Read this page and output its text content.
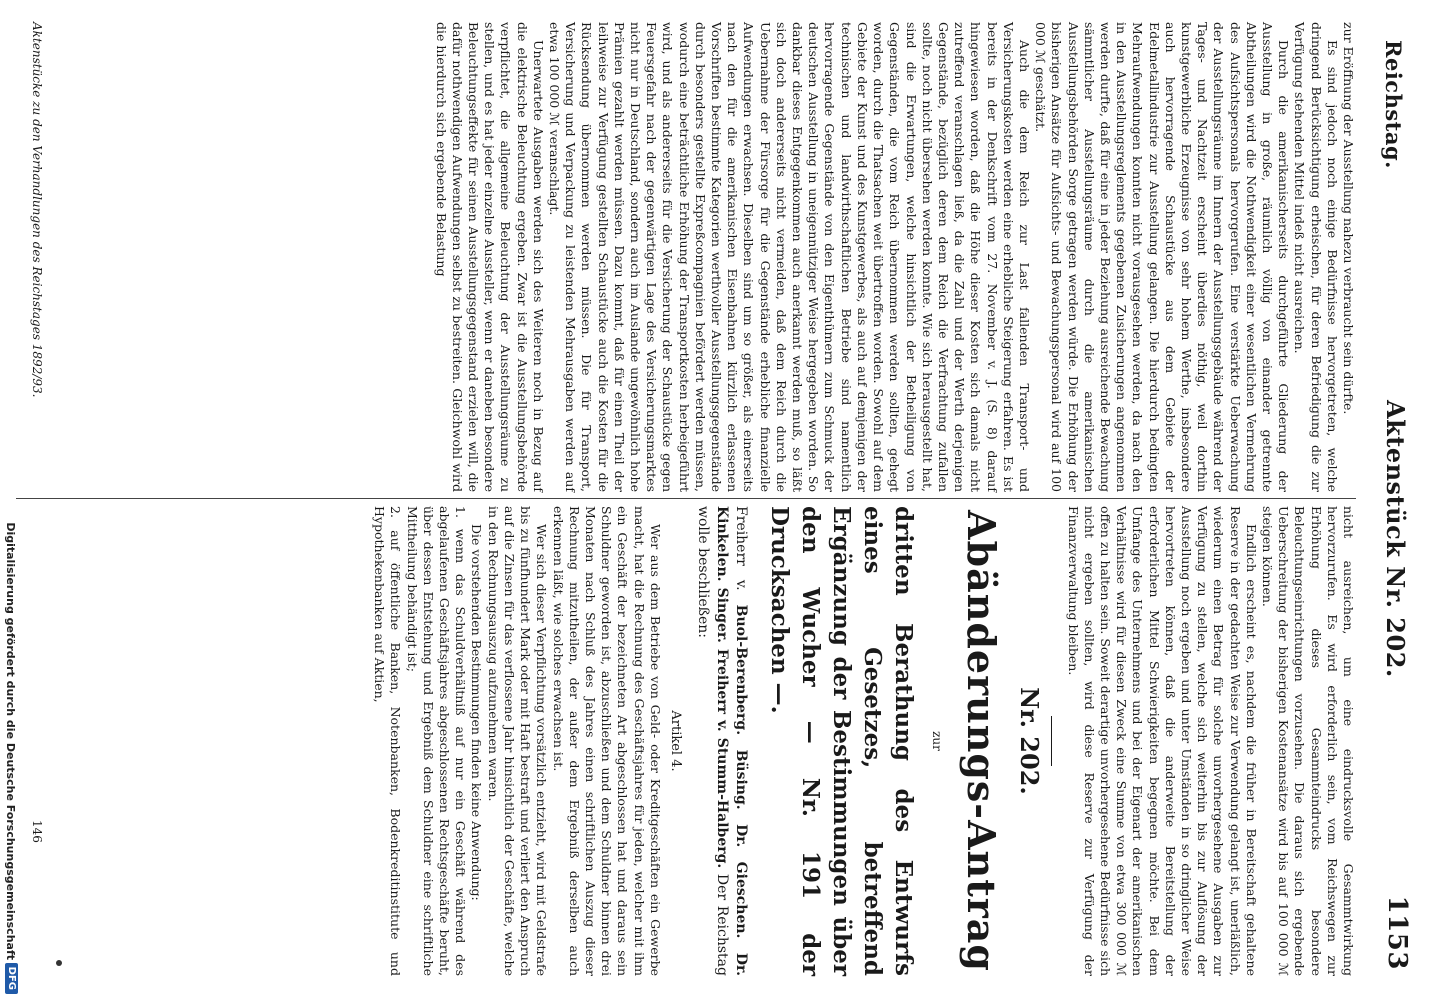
Reichstag.
Aktenstück Nr. 202.
1153

zur Eröffnung der Ausstellung nahezu verbraucht sein dürfte.

Es sind jedoch noch einige Bedürfnisse hervorgetreten, welche dringend Berücksichtigung erheischen, für deren Befriedigung die zur Verfügung stehenden Mittel indeß nicht ausreichen.

Durch die amerikanischerseits durchgeführte Gliederung der Ausstellung in große, räumlich völlig von einander getrennte Abtheilungen wird die Nothwendigkeit einer wesentlichen Vermehrung des Aufsichtspersonals hervorgerufen. Eine verstärkte Ueberwachung der Ausstellungsräume im Innern der Ausstellungsgebäude während der Tages- und Nachtzeit erscheint überdies nöthig, weil dorthin kunstgewerbliche Erzeugnisse von sehr hohem Werthe, insbesondere auch hervorragende Schaustücke aus dem Gebiete der Edelmetallindustrie zur Ausstellung gelangen. Die hierdurch bedingten Mehraufwendungen konnten nicht vorausgesehen werden, da nach den in den Ausstellungsreglements gegebenen Zusicherungen angenommen werden durfte, daß für eine in jeder Beziehung ausreichende Bewachung sämmtlicher Ausstellungsräume durch die amerikanischen Ausstellungsbehörden Sorge getragen werden würde. Die Erhöhung der bisherigen Ansätze für Aufsichts- und Bewachungspersonal wird auf 100 000 ℳ geschätzt.

Auch die dem Reich zur Last fallenden Transport- und Versicherungskosten werden eine erhebliche Steigerung erfahren. Es ist bereits in der Denkschrift vom 27. November v. J. (S. 8) darauf hingewiesen worden, daß die Höhe dieser Kosten sich damals nicht zutreffend veranschlagen ließ, da die Zahl und der Werth derjenigen Gegenstände, bezüglich deren dem Reich die Verfrachtung zufallen sollte, noch nicht übersehen werden konnte. Wie sich herausgestellt hat, sind die Erwartungen, welche hinsichtlich der Betheiligung von Gegenständen, die vom Reich übernommen werden sollten, gehegt worden, durch die Thatsachen weit übertroffen worden. Sowohl auf dem Gebiete der Kunst und des Kunstgewerbes, als auch auf demjenigen der technischen und landwirthschaftlichen Betriebe sind namentlich hervorragende Gegenstände von den Eigenthümern zum Schmuck der deutschen Ausstellung in uneigennütziger Weise hergegeben worden. So dankbar dieses Entgegenkommen auch anerkannt werden muß, so läßt sich doch andererseits nicht vermeiden, daß dem Reich durch die Uebernahme der Fürsorge für die Gegenstände erhebliche finanzielle Aufwendungen erwachsen. Dieselben sind um so größer, als einerseits nach den für die amerikanischen Eisenbahnen kürzlich erlassenen Vorschriften bestimmte Kategorien werthvoller Ausstellungsgegenstände durch besonders gestellte Expreßcompagnien befördert werden müssen, wodurch eine beträchtliche Erhöhung der Transportkosten herbeigeführt wird, und als andererseits für die Versicherung der Schaustücke gegen Feuersgefahr nach der gegenwärtigen Lage des Versicherungsmarktes nicht nur in Deutschland, sondern auch im Auslande ungewöhnlich hohe Prämien gezahlt werden müssen. Dazu kommt, daß für einen Theil der leihweise zur Verfügung gestellten Schaustücke auch die Kosten für die Rücksendung übernommen werden müssen. Die für Transport, Versicherung und Verpackung zu leistenden Mehrausgaben werden auf etwa 100 000 ℳ veranschlagt.

Unerwartete Ausgaben werden sich des Weiteren noch in Bezug auf die elektrische Beleuchtung ergeben. Zwar ist die Ausstellungsbehörde verpflichtet, die allgemeine Beleuchtung der Ausstellungsräume zu stellen, und es hat jeder einzelne Aussteller, wenn er daneben besondere Beleuchtungseffekte für seinen Ausstellungsgegenstand erzielen will, die dafür nothwendigen Aufwendungen selbst zu bestreiten. Gleichwohl wird die hierdurch sich ergebende Belastung

nicht ausreichen, um eine eindrucksvolle Gesammtwirkung hervorzurufen. Es wird erforderlich sein, vom Reichswegen zur Erhöhung dieses Gesammteindrucks besondere Beleuchtungseinrichtungen vorzusehen. Die daraus sich ergebende Ueberschreitung der bisherigen Kostenansätze wird bis auf 100 000 ℳ steigen können.

Endlich erscheint es, nachdem die früher in Bereitschaft gehaltene Reserve in der gedachten Weise zur Verwendung gelangt ist, unerläßlich, wiederum einen Betrag für solche unvorhergesehene Ausgaben zur Verfügung zu stellen, welche sich weiterhin bis zur Auflösung der Ausstellung noch ergeben und unter Umständen in so dringlicher Weise hervortreten können, daß die anderweite Bereitstellung der erforderlichen Mittel Schwierigkeiten begegnen möchte. Bei dem Umfange des Unternehmens und bei der Eigenart der amerikanischen Verhältnisse wird für diesen Zweck eine Summe von etwa 300 000 ℳ offen zu halten sein. Soweit derartige unvorhergesehene Bedürfnisse sich nicht ergeben sollten, wird diese Reserve zur Verfügung der Finanzverwaltung bleiben.

Nr. 202.
Abänderungs-Antrag
zur
dritten Berathung des Entwurfs eines Gesetzes, betreffend Ergänzung der Bestimmungen über den Wucher — Nr. 191 der Drucksachen —.
Freiherr v. Buol-Berenberg. Büsing. Dr. Gieschen. Dr. Kinkelen. Singer. Freiherr v. Stumm-Halberg. Der Reichstag wolle beschließen:
Artikel 4.

Wer aus dem Betriebe von Geld- oder Kreditgeschäften ein Gewerbe macht, hat die Rechnung des Geschäftsjahres für jeden, welcher mit ihm ein Geschäft der bezeichneten Art abgeschlossen hat und daraus sein Schuldner geworden ist, abzuschließen und dem Schuldner binnen drei Monaten nach Schluß des Jahres einen schriftlichen Auszug dieser Rechnung mitzutheilen, der außer dem Ergebniß derselben auch erkennen läßt, wie solches erwachsen ist.

Wer sich dieser Verpflichtung vorsätzlich entzieht, wird mit Geldstrafe bis zu fünfhundert Mark oder mit Haft bestraft und verliert den Anspruch auf die Zinsen für das verflossene Jahr hinsichtlich der Geschäfte, welche in den Rechnungsauszug aufzunehmen waren.

Die vorstehenden Bestimmungen finden keine Anwendung:

1. wenn das Schuldverhältniß auf nur ein Geschäft während des abgelaufenen Geschäftsjahres abgeschlossenen Rechtsgeschäfte beruht, über dessen Entstehung und Ergebniß dem Schuldner eine schriftliche Mittheilung behändigt ist;

2. auf öffentliche Banken, Notenbanken, Bodenkreditinstitute und Hypothekenbanken auf Aktien,

Aktenstücke zu den Verhandlungen des Reichstages 1892/93.
146
Digitalisierung gefördert durch die Deutsche Forschungsgemeinschaft
DFG
